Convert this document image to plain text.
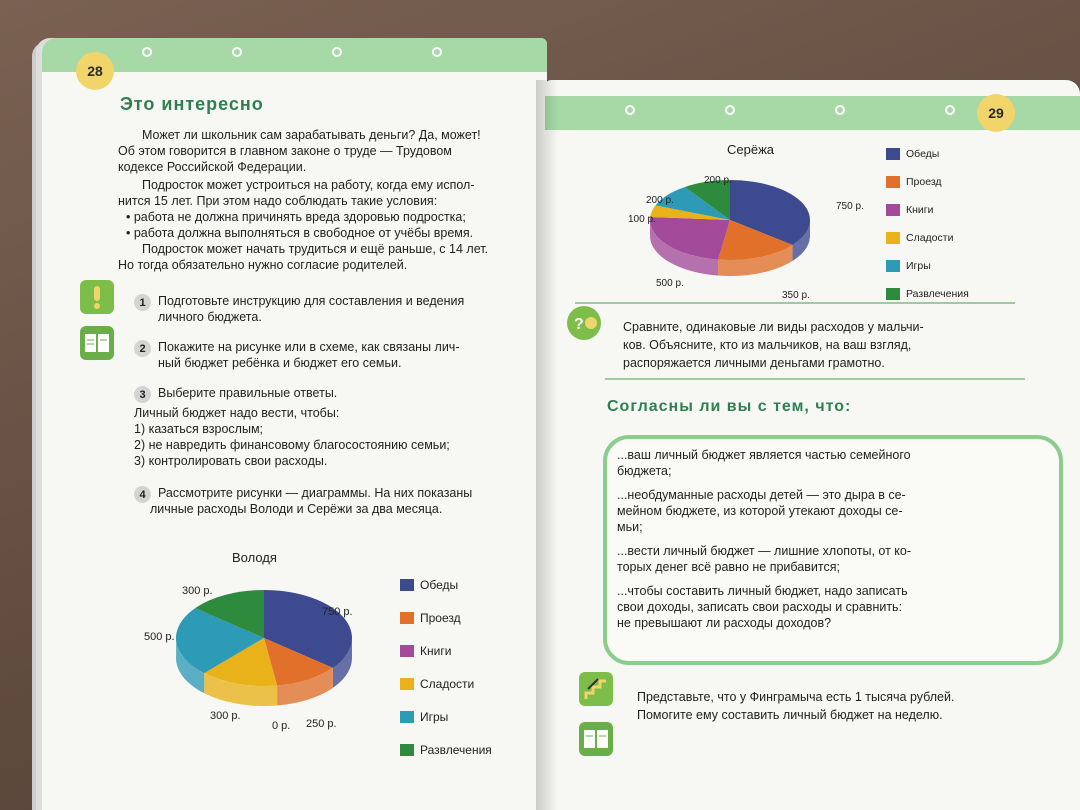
28
Это интересно
Может ли школьник сам зарабатывать деньги? Да, может!
Об этом говорится в главном законе о труде — Трудовом
кодексе Российской Федерации.
Подросток может устроиться на работу, когда ему испол-
нится 15 лет. При этом надо соблюдать такие условия:
• работа не должна причинять вреда здоровью подростка;
• работа должна выполняться в свободное от учёбы время.
Подросток может начать трудиться и ещё раньше, с 14 лет.
Но тогда обязательно нужно согласие родителей.
1 Подготовьте инструкцию для составления и ведения
личного бюджета.
2 Покажите на рисунке или в схеме, как связаны лич-
ный бюджет ребёнка и бюджет его семьи.
3 Выберите правильные ответы.
Личный бюджет надо вести, чтобы:
1) казаться взрослым;
2) не навредить финансовому благосостоянию семьи;
3) контролировать свои расходы.
4 Рассмотрите рисунки — диаграммы. На них показаны
личные расходы Володи и Серёжи за два месяца.
Володя
29
Серёжа
?	Сравните, одинаковые ли виды расходов у мальчи-
ков. Объясните, кто из мальчиков, на ваш взгляд,
распоряжается личными деньгами грамотно.
Согласны ли вы с тем, что:
...ваш личный бюджет является частью семейного
бюджета;
...необдуманные расходы детей — это дыра в се-
мейном бюджете, из которой утекают доходы се-
мьи;
...вести личный бюджет — лишние хлопоты, от ко-
торых денег всё равно не прибавится;
...чтобы составить личный бюджет, надо записать
свои доходы, записать свои расходы и сравнить:
не превышают ли расходы доходов?
Представьте, что у Финграмыча есть 1 тысяча рублей.
Помогите ему составить личный бюджет на неделю.
Обеды
Проезд
Книги
Сладости
Игры
Развлечения
Обеды
Проезд
Книги
Сладости
Игры
Развлечения
750 р.
250 р.
0 р.
300 р.
500 р.
300 р.
750 р.
350 р.
500 р.
100 р.
200 р.
200 р.
